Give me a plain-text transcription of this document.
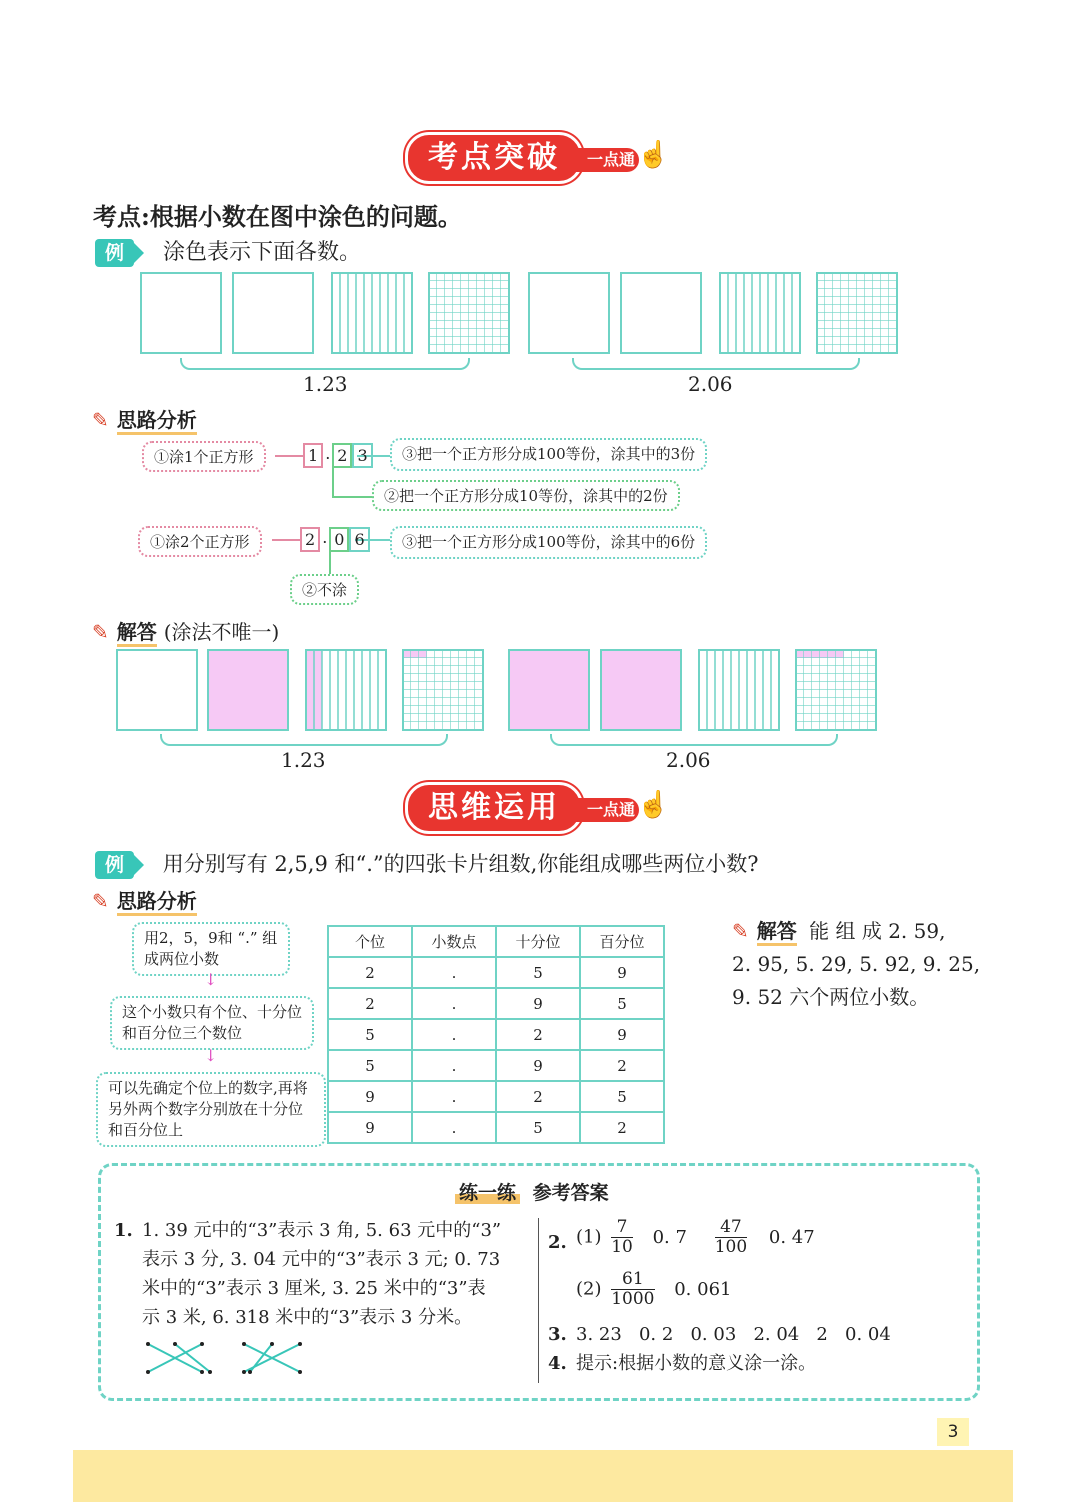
考点突破	一点通 ☝
考点:根据小数在图中涂色的问题。
例 涂色表示下面各数。
1.23	2.06
✎ 思路分析
①涂1个正方形	1 . 2 3	③把一个正方形分成100等份，涂其中的3份
②把一个正方形分成10等份，涂其中的2份
①涂2个正方形	2 . 0 6	③把一个正方形分成100等份，涂其中的6份
②不涂
✎ 解答 (涂法不唯一)
1.23	2.06
思维运用	一点通 ☝
例 用分别写有 2,5,9 和“.”的四张卡片组数,你能组成哪些两位小数?
✎ 思路分析
用2，5，9和 “.” 组成两位小数
↓
这个小数只有个位、十分位和百分位三个数位
↓
可以先确定个位上的数字,再将另外两个数字分别放在十分位和百分位上
个位	小数点	十分位	百分位
2	.	5	9
2	.	9	5
5	.	2	9
5	.	9	2
9	.	2	5
9	.	5	2
✎ 解答 能 组 成 2. 59,
2. 95, 5. 29, 5. 92, 9. 25,
9. 52 六个两位小数。
练一练 参考答案
1. 1. 39 元中的“3”表示 3 角, 5. 63 元中的“3”
表示 3 分, 3. 04 元中的“3”表示 3 元; 0. 73
米中的“3”表示 3 厘米, 3. 25 米中的“3”表
示 3 米, 6. 318 米中的“3”表示 3 分米。
2. $(1) \frac{7}{10} 0$. $7 \frac{47}{100} 0$. 47
$(2) \frac{61}{1000} 0$. 061
3. 3. 23   0. 2   0. 03   2. 04   2   0. 04
4. 提示:根据小数的意义涂一涂。
3
